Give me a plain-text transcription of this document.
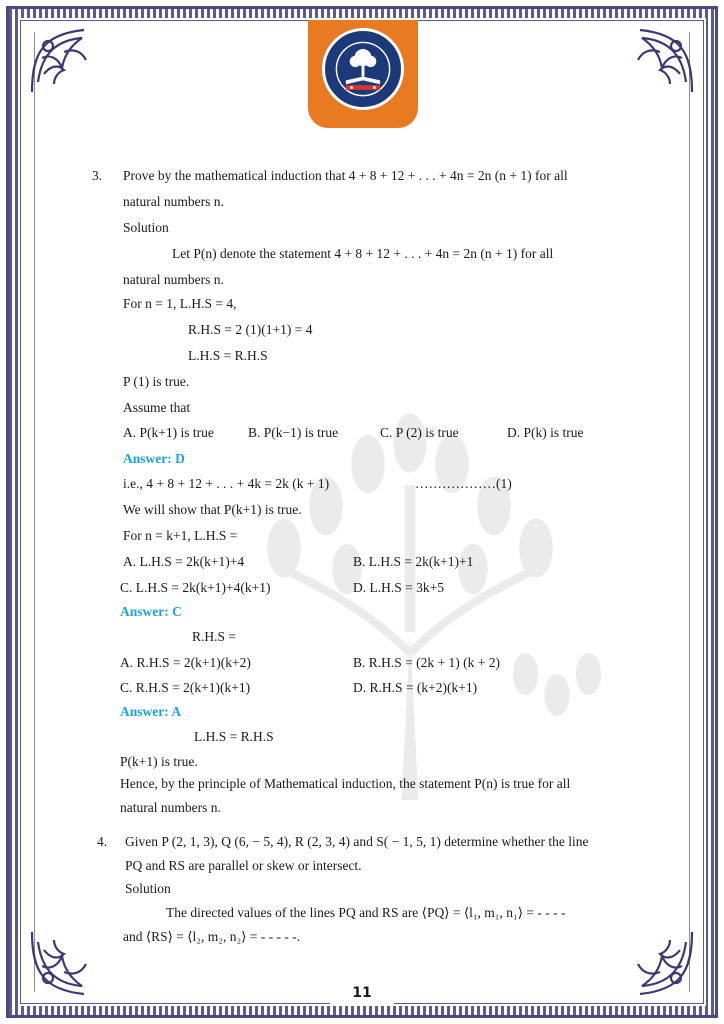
3. Prove by the mathematical induction that 4 + 8 + 12 + . . . + 4n = 2n (n + 1) for all
natural numbers n.
Solution
Let P(n) denote the statement 4 + 8 + 12 + . . . + 4n = 2n (n + 1) for all
natural numbers n.
For n = 1, L.H.S = 4,
R.H.S = 2 (1)(1+1) = 4
L.H.S = R.H.S
P (1) is true.
Assume that
A. P(k+1) is true	B. P(k−1) is true	C. P (2) is true	D. P(k) is true
Answer: D
i.e., 4 + 8 + 12 + . . . + 4k = 2k (k + 1)	………………(1)
We will show that P(k+1) is true.
For n = k+1, L.H.S =
A. L.H.S = 2k(k+1)+4	B. L.H.S = 2k(k+1)+1
C. L.H.S = 2k(k+1)+4(k+1)	D. L.H.S = 3k+5
Answer: C
R.H.S =
A. R.H.S = 2(k+1)(k+2)	B. R.H.S = (2k + 1) (k + 2)
C. R.H.S = 2(k+1)(k+1)	D. R.H.S = (k+2)(k+1)
Answer: A
L.H.S = R.H.S
P(k+1) is true.
Hence, by the principle of Mathematical induction, the statement P(n) is true for all
natural numbers n.
4. Given P (2, 1, 3), Q (6, − 5, 4), R (2, 3, 4) and S( − 1, 5, 1) determine whether the line
PQ and RS are parallel or skew or intersect.
Solution
The directed values of the lines PQ and RS are ⟨PQ⟩ = ⟨l₁, m₁, n₁⟩ = - - - -
and ⟨RS⟩ = ⟨l₂, m₂, n₂⟩ = - - - - -.
11
